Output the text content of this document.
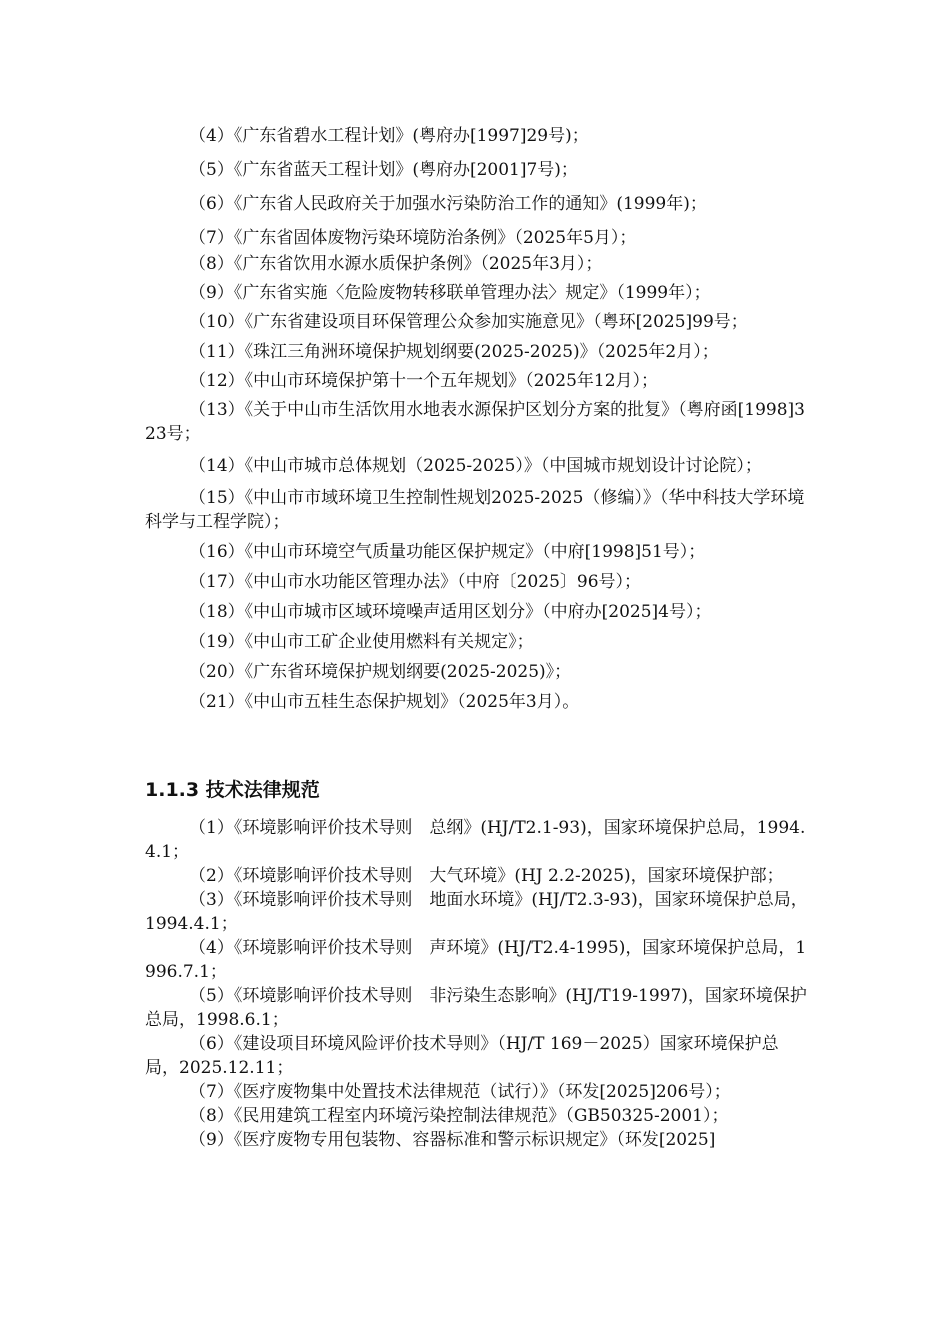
（4）《广东省碧水工程计划》(粤府办[1997]29号)；
（5）《广东省蓝天工程计划》(粤府办[2001]7号)；
（6）《广东省人民政府关于加强水污染防治工作的通知》(1999年)；
（7）《广东省固体废物污染环境防治条例》（2025年5月）；
（8）《广东省饮用水源水质保护条例》（2025年3月）；
（9）《广东省实施〈危险废物转移联单管理办法〉规定》（1999年）；
（10）《广东省建设项目环保管理公众参加实施意见》（粤环[2025]99号；
（11）《珠江三角洲环境保护规划纲要(2025-2025)》（2025年2月）；
（12）《中山市环境保护第十一个五年规划》（2025年12月）；
（13）《关于中山市生活饮用水地表水源保护区划分方案的批复》（粤府函[1998]323号；
（14）《中山市城市总体规划（2025-2025）》（中国城市规划设计讨论院）；
（15）《中山市市域环境卫生控制性规划2025-2025（修编）》（华中科技大学环境科学与工程学院）；
（16）《中山市环境空气质量功能区保护规定》（中府[1998]51号）；
（17）《中山市水功能区管理办法》（中府〔2025〕96号）；
（18）《中山市城市区域环境噪声适用区划分》（中府办[2025]4号）；
（19）《中山市工矿企业使用燃料有关规定》；
（20）《广东省环境保护规划纲要(2025-2025)》；
（21）《中山市五桂生态保护规划》（2025年3月）。
1.1.3 技术法律规范
（1）《环境影响评价技术导则　总纲》(HJ/T2.1-93)，国家环境保护总局，1994.4.1；
（2）《环境影响评价技术导则　大气环境》(HJ 2.2-2025)，国家环境保护部；
（3）《环境影响评价技术导则　地面水环境》(HJ/T2.3-93)，国家环境保护总局，1994.4.1；
（4）《环境影响评价技术导则　声环境》(HJ/T2.4-1995)，国家环境保护总局，1996.7.1；
（5）《环境影响评价技术导则　非污染生态影响》(HJ/T19-1997)，国家环境保护总局，1998.6.1；
（6）《建设项目环境风险评价技术导则》（HJ/T 169－2025）国家环境保护总局，2025.12.11；
（7）《医疗废物集中处置技术法律规范（试行）》（环发[2025]206号）；
（8）《民用建筑工程室内环境污染控制法律规范》（GB50325-2001）；
（9）《医疗废物专用包装物、容器标准和警示标识规定》（环发[2025]
